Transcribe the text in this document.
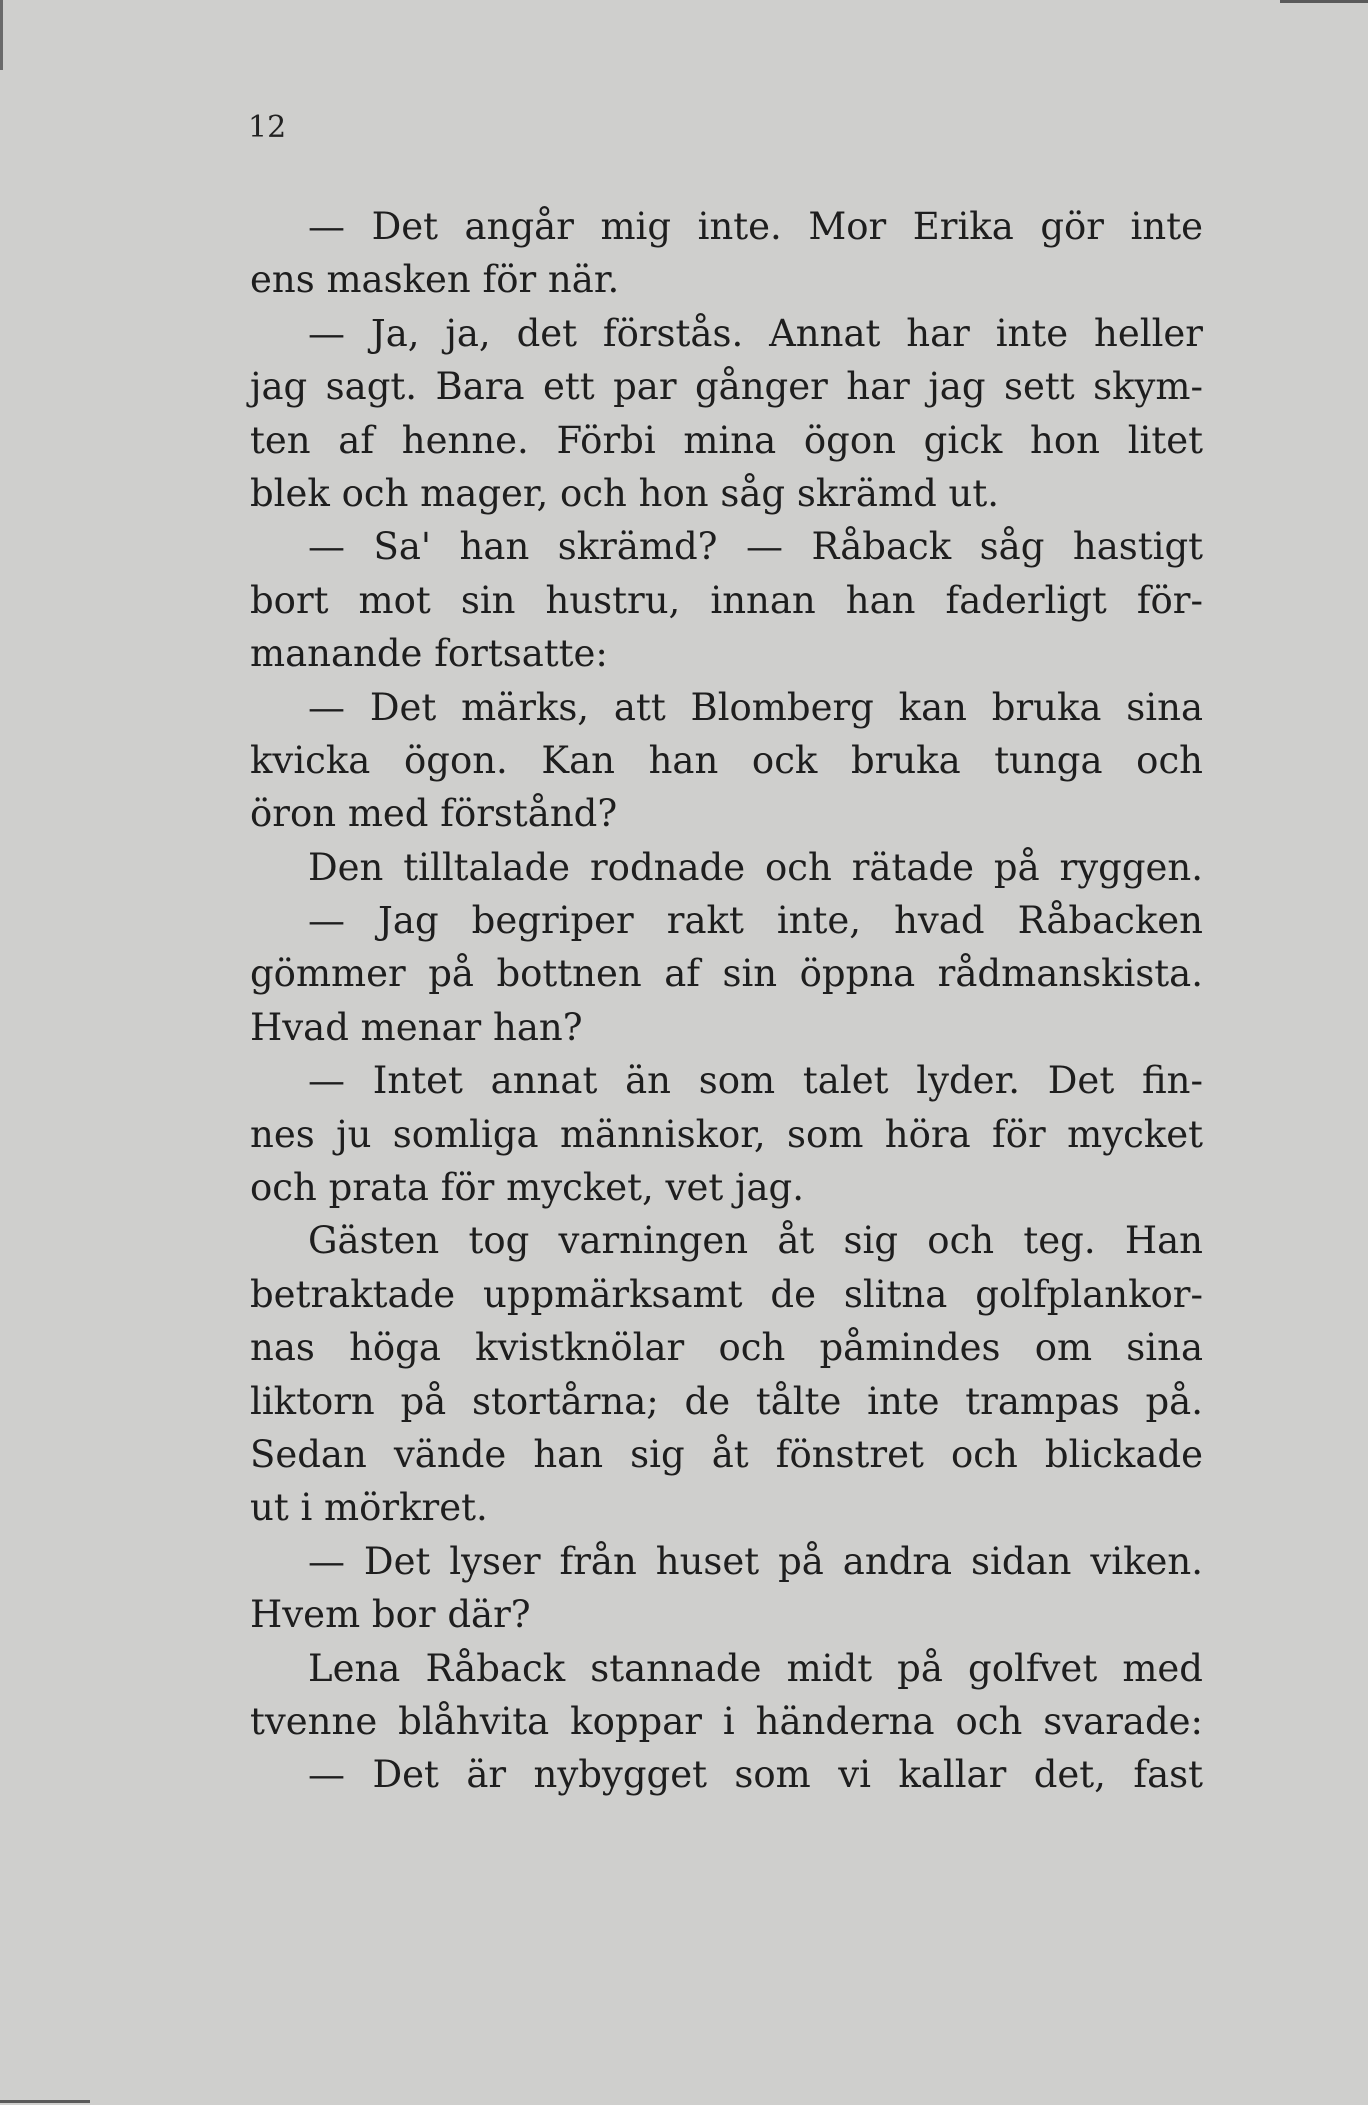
12
— Det angår mig inte. Mor Erika gör inte
ens masken för när.
— Ja, ja, det förstås. Annat har inte heller
jag sagt. Bara ett par gånger har jag sett skym-
ten af henne. Förbi mina ögon gick hon litet
blek och mager, och hon såg skrämd ut.
— Sa' han skrämd? — Råback såg hastigt
bort mot sin hustru, innan han faderligt för-
manande fortsatte:
— Det märks, att Blomberg kan bruka sina
kvicka ögon. Kan han ock bruka tunga och
öron med förstånd?
Den tilltalade rodnade och rätade på ryggen.
— Jag begriper rakt inte, hvad Råbacken
gömmer på bottnen af sin öppna rådmanskista.
Hvad menar han?
— Intet annat än som talet lyder. Det fin-
nes ju somliga människor, som höra för mycket
och prata för mycket, vet jag.
Gästen tog varningen åt sig och teg. Han
betraktade uppmärksamt de slitna golfplankor-
nas höga kvistknölar och påmindes om sina
liktorn på stortårna; de tålte inte trampas på.
Sedan vände han sig åt fönstret och blickade
ut i mörkret.
— Det lyser från huset på andra sidan viken.
Hvem bor där?
Lena Råback stannade midt på golfvet med
tvenne blåhvita koppar i händerna och svarade:
— Det är nybygget som vi kallar det, fast
